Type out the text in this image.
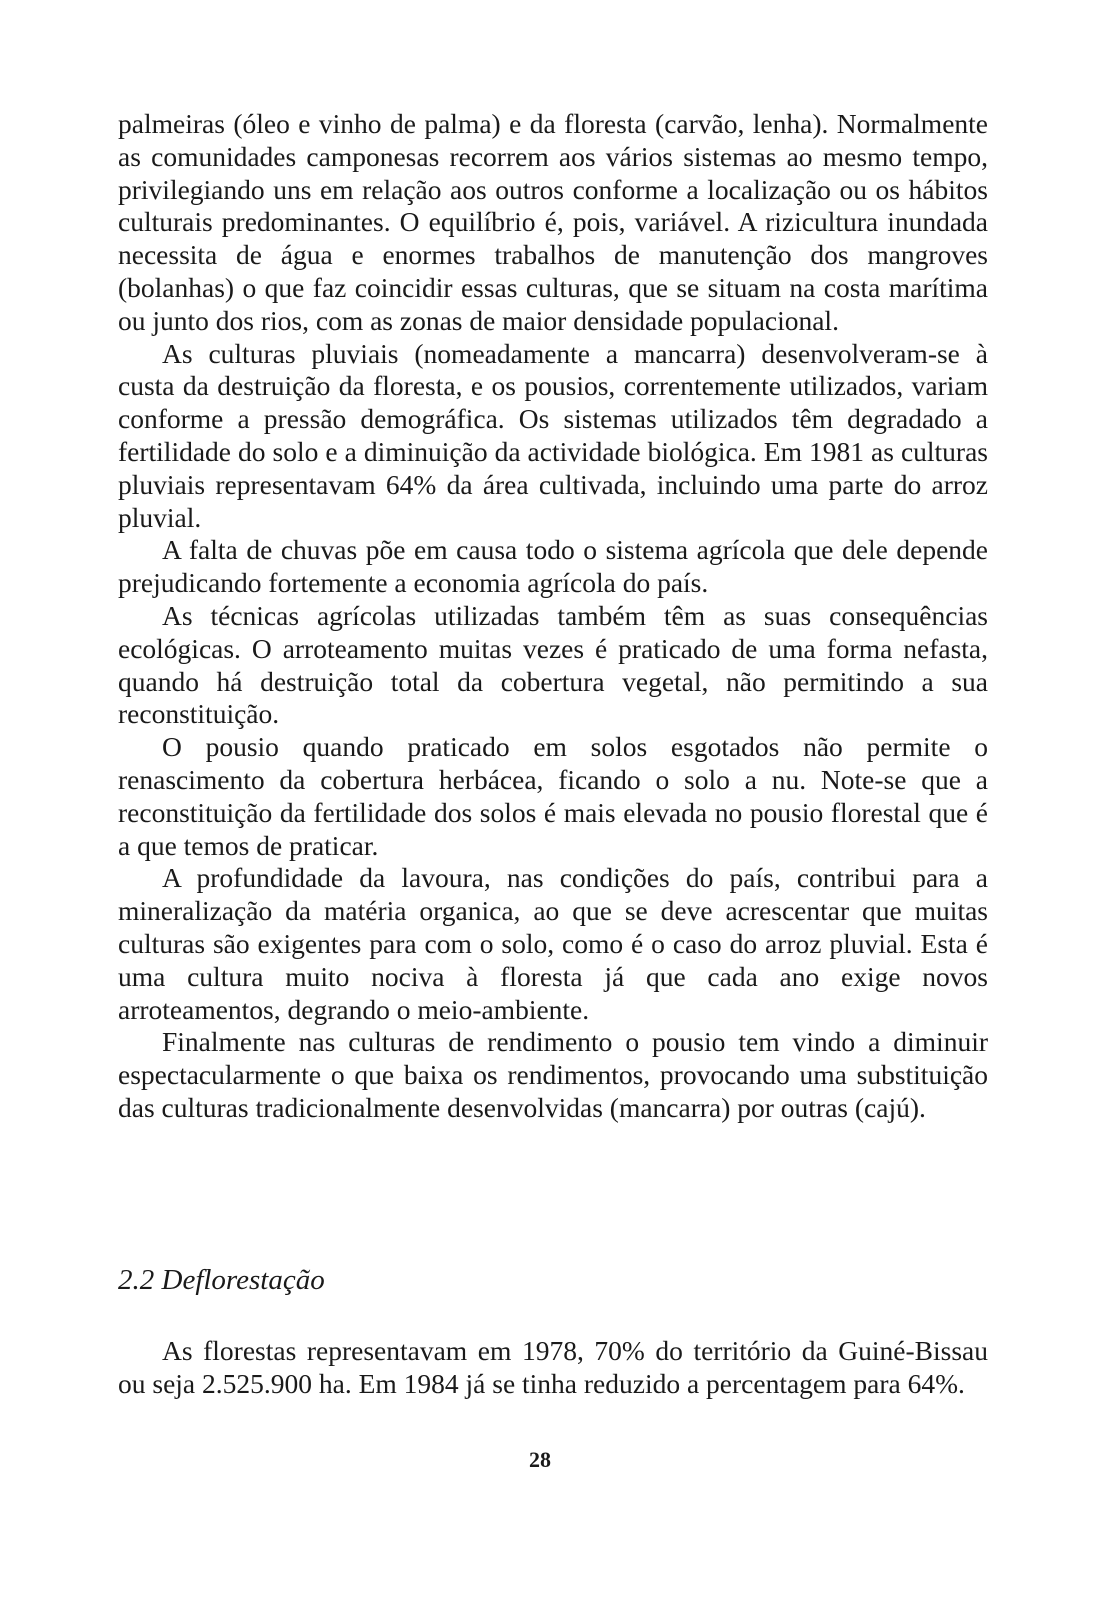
palmeiras (óleo e vinho de palma) e da floresta (carvão, lenha). Normalmente as comunidades camponesas recorrem aos vários sistemas ao mesmo tempo, privilegiando uns em relação aos outros conforme a localização ou os hábitos culturais predominantes. O equilíbrio é, pois, variável. A rizicultura inundada necessita de água e enormes trabalhos de manutenção dos mangroves (bolanhas) o que faz coincidir essas culturas, que se situam na costa marítima ou junto dos rios, com as zonas de maior densidade populacional.

As culturas pluviais (nomeadamente a mancarra) desenvolveram-se à custa da destruição da floresta, e os pousios, correntemente utilizados, variam conforme a pressão demográfica. Os sistemas utilizados têm degradado a fertilidade do solo e a diminuição da actividade biológica. Em 1981 as culturas pluviais representavam 64% da área cultivada, incluindo uma parte do arroz pluvial.

A falta de chuvas põe em causa todo o sistema agrícola que dele depende prejudicando fortemente a economia agrícola do país.

As técnicas agrícolas utilizadas também têm as suas consequências ecológicas. O arroteamento muitas vezes é praticado de uma forma nefasta, quando há destruição total da cobertura vegetal, não permitindo a sua reconstituição.

O pousio quando praticado em solos esgotados não permite o renascimento da cobertura herbácea, ficando o solo a nu. Note-se que a reconstituição da fertilidade dos solos é mais elevada no pousio florestal que é a que temos de praticar.

A profundidade da lavoura, nas condições do país, contribui para a mineralização da matéria organica, ao que se deve acrescentar que muitas culturas são exigentes para com o solo, como é o caso do arroz pluvial. Esta é uma cultura muito nociva à floresta já que cada ano exige novos arroteamentos, degrando o meio-ambiente.

Finalmente nas culturas de rendimento o pousio tem vindo a diminuir espectacularmente o que baixa os rendimentos, provocando uma substituição das culturas tradicionalmente desenvolvidas (mancarra) por outras (cajú).

2.2 Deflorestação

As florestas representavam em 1978, 70% do território da Guiné-Bissau ou seja 2.525.900 ha. Em 1984 já se tinha reduzido a percentagem para 64%.

28
